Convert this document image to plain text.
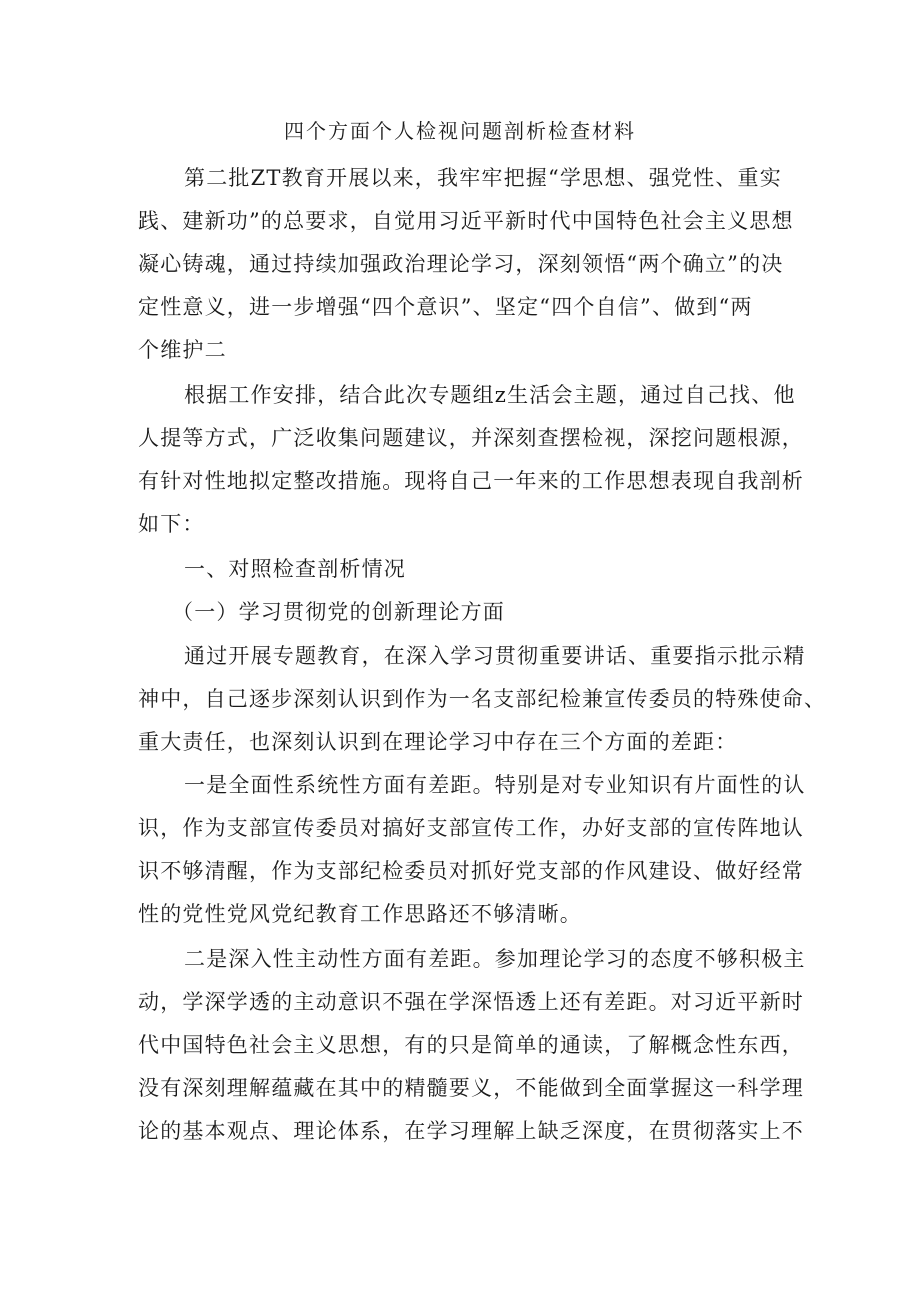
四个方面个人检视问题剖析检查材料
第二批ZT教育开展以来，我牢牢把握“学思想、强党性、重实
践、建新功”的总要求，自觉用习近平新时代中国特色社会主义思想
凝心铸魂，通过持续加强政治理论学习，深刻领悟“两个确立”的决
定性意义，进一步增强“四个意识”、坚定“四个自信”、做到“两
个维护二
根据工作安排，结合此次专题组z生活会主题，通过自己找、他
人提等方式，广泛收集问题建议，并深刻查摆检视，深挖问题根源，
有针对性地拟定整改措施。现将自己一年来的工作思想表现自我剖析
如下：
一、对照检查剖析情况
（一）学习贯彻党的创新理论方面
通过开展专题教育，在深入学习贯彻重要讲话、重要指示批示精
神中，自己逐步深刻认识到作为一名支部纪检兼宣传委员的特殊使命、
重大责任，也深刻认识到在理论学习中存在三个方面的差距：
一是全面性系统性方面有差距。特别是对专业知识有片面性的认
识，作为支部宣传委员对搞好支部宣传工作，办好支部的宣传阵地认
识不够清醒，作为支部纪检委员对抓好党支部的作风建设、做好经常
性的党性党风党纪教育工作思路还不够清晰。
二是深入性主动性方面有差距。参加理论学习的态度不够积极主
动，学深学透的主动意识不强在学深悟透上还有差距。对习近平新时
代中国特色社会主义思想，有的只是简单的通读，了解概念性东西，
没有深刻理解蕴藏在其中的精髓要义，不能做到全面掌握这一科学理
论的基本观点、理论体系，在学习理解上缺乏深度，在贯彻落实上不
